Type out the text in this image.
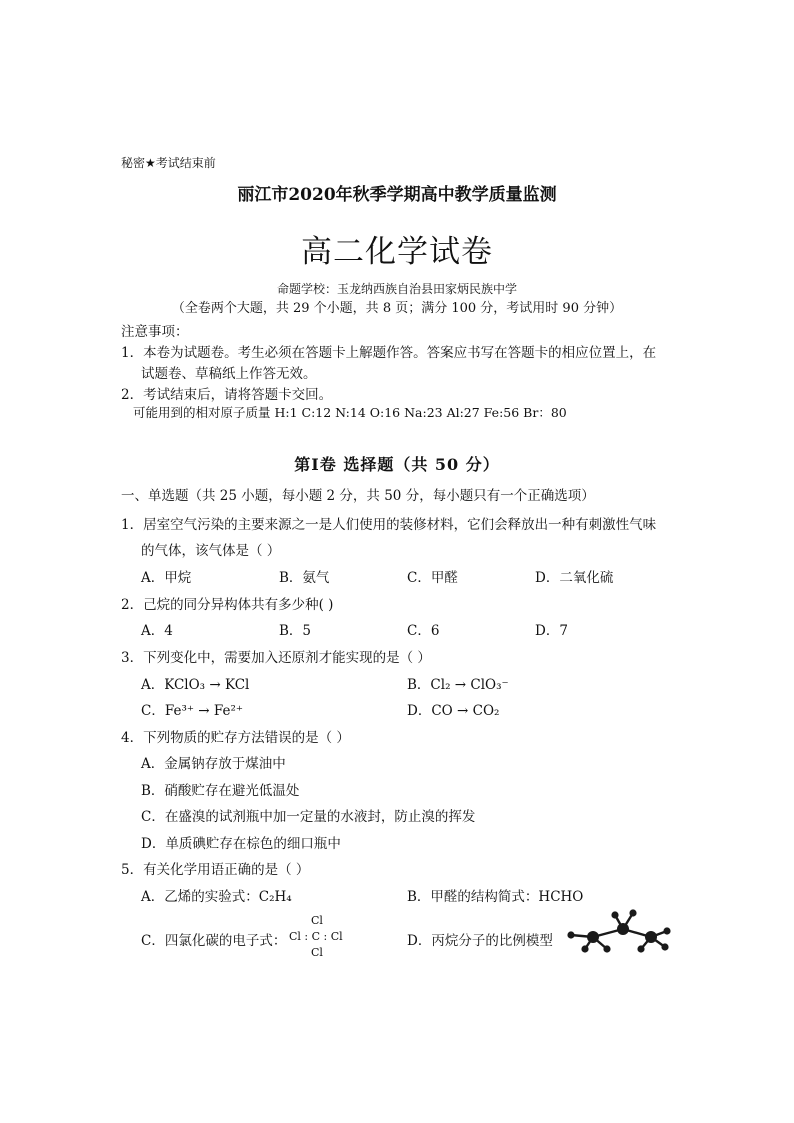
秘密★考试结束前
丽江市2020年秋季学期高中教学质量监测
高二化学试卷
命题学校：玉龙纳西族自治县田家炳民族中学
（全卷两个大题，共 29 个小题，共 8 页；满分 100 分，考试用时 90 分钟）
注意事项：
1．本卷为试题卷。考生必须在答题卡上解题作答。答案应书写在答题卡的相应位置上，在
试题卷、草稿纸上作答无效。
2．考试结束后，请将答题卡交回。
可能用到的相对原子质量 H:1 C:12 N:14 O:16 Na:23 Al:27 Fe:56 Br：80
第Ⅰ卷 选择题（共 50 分）
一、单选题（共 25 小题，每小题 2 分，共 50 分，每小题只有一个正确选项）
1．居室空气污染的主要来源之一是人们使用的装修材料，它们会释放出一种有刺激性气味
的气体，该气体是（ ）
A．甲烷	B．氨气	C．甲醛	D．二氧化硫
2．己烷的同分异构体共有多少种( )
A．4	B．5	C．6	D．7
3．下列变化中，需要加入还原剂才能实现的是（ ）
A．KClO₃ → KCl	B．Cl₂ → ClO₃⁻
C．Fe³⁺ → Fe²⁺	D．CO → CO₂
4．下列物质的贮存方法错误的是（ ）
A．金属钠存放于煤油中
B．硝酸贮存在避光低温处
C．在盛溴的试剂瓶中加一定量的水液封，防止溴的挥发
D．单质碘贮存在棕色的细口瓶中
5．有关化学用语正确的是（ ）
A．乙烯的实验式：C₂H₄	B．甲醛的结构简式：HCHO
C．四氯化碳的电子式：
Cl
Cl : C : Cl
Cl
D．丙烷分子的比例模型
